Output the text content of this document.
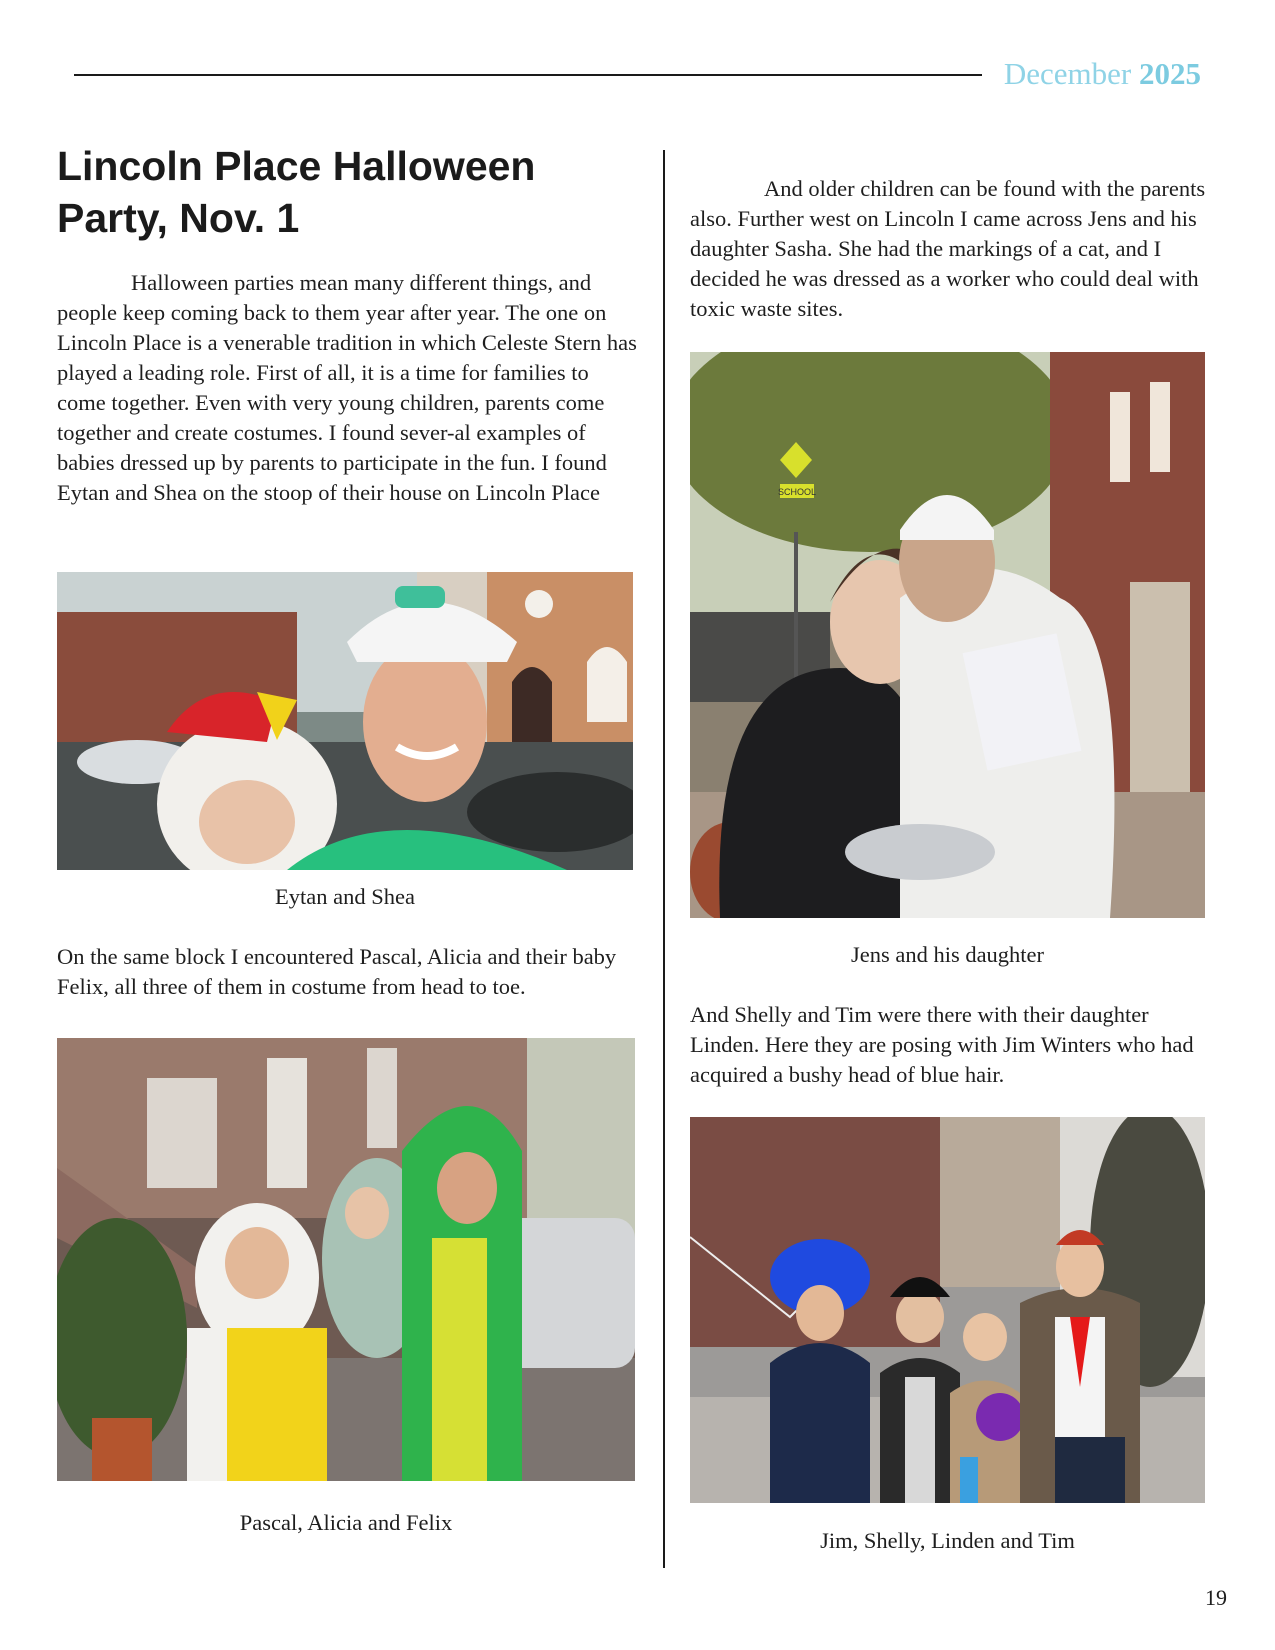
December 2025
Lincoln Place Halloween Party, Nov. 1

Halloween parties mean many different things, and people keep coming back to them year after year. The one on Lincoln Place is a venerable tradition in which Celeste Stern has played a leading role. First of all, it is a time for families to come together. Even with very young children, parents come together and create costumes. I found sever-al examples of babies dressed up by parents to participate in the fun. I found Eytan and Shea on the stoop of their house on Lincoln Place

Eytan and Shea

On the same block I encountered Pascal, Alicia and their baby Felix, all three of them in costume from head to toe.

Pascal, Alicia and Felix

And older children can be found with the parents also. Further west on Lincoln I came across Jens and his daughter Sasha. She had the markings of a cat, and I decided he was dressed as a worker who could deal with toxic waste sites.

SCHOOL

Jens and his daughter

And Shelly and Tim were there with their daughter Linden. Here they are posing with Jim Winters who had acquired a bushy head of blue hair.

Jim, Shelly, Linden and Tim

19
